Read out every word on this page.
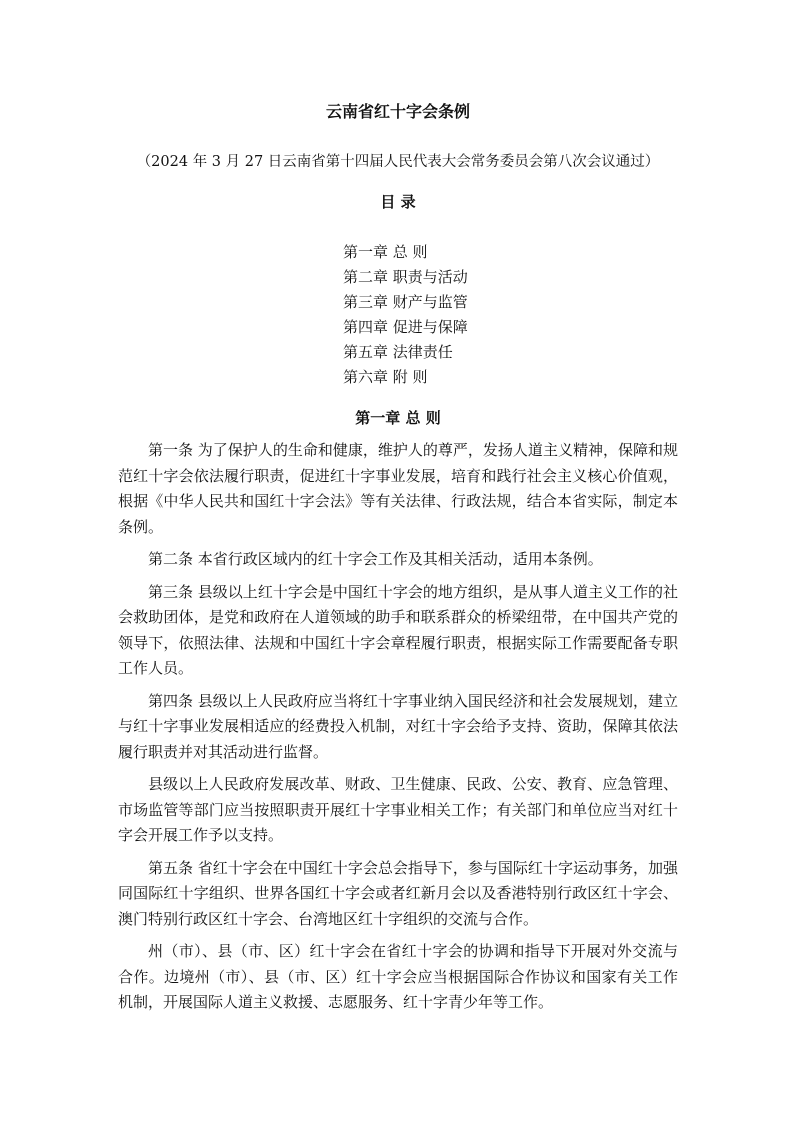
云南省红十字会条例

（2024 年 3 月 27 日云南省第十四届人民代表大会常务委员会第八次会议通过）

目 录
第一章 总 则
第二章 职责与活动
第三章 财产与监管
第四章 促进与保障
第五章 法律责任
第六章 附 则
第一章 总 则

第一条 为了保护人的生命和健康，维护人的尊严，发扬人道主义精神，保障和规范红十字会依法履行职责，促进红十字事业发展，培育和践行社会主义核心价值观，根据《中华人民共和国红十字会法》等有关法律、行政法规，结合本省实际，制定本条例。

第二条 本省行政区域内的红十字会工作及其相关活动，适用本条例。

第三条 县级以上红十字会是中国红十字会的地方组织，是从事人道主义工作的社会救助团体，是党和政府在人道领域的助手和联系群众的桥梁纽带，在中国共产党的领导下，依照法律、法规和中国红十字会章程履行职责，根据实际工作需要配备专职工作人员。

第四条 县级以上人民政府应当将红十字事业纳入国民经济和社会发展规划，建立与红十字事业发展相适应的经费投入机制，对红十字会给予支持、资助，保障其依法履行职责并对其活动进行监督。

县级以上人民政府发展改革、财政、卫生健康、民政、公安、教育、应急管理、市场监管等部门应当按照职责开展红十字事业相关工作；有关部门和单位应当对红十字会开展工作予以支持。

第五条 省红十字会在中国红十字会总会指导下，参与国际红十字运动事务，加强同国际红十字组织、世界各国红十字会或者红新月会以及香港特别行政区红十字会、澳门特别行政区红十字会、台湾地区红十字组织的交流与合作。

州（市）、县（市、区）红十字会在省红十字会的协调和指导下开展对外交流与合作。边境州（市）、县（市、区）红十字会应当根据国际合作协议和国家有关工作机制，开展国际人道主义救援、志愿服务、红十字青少年等工作。
